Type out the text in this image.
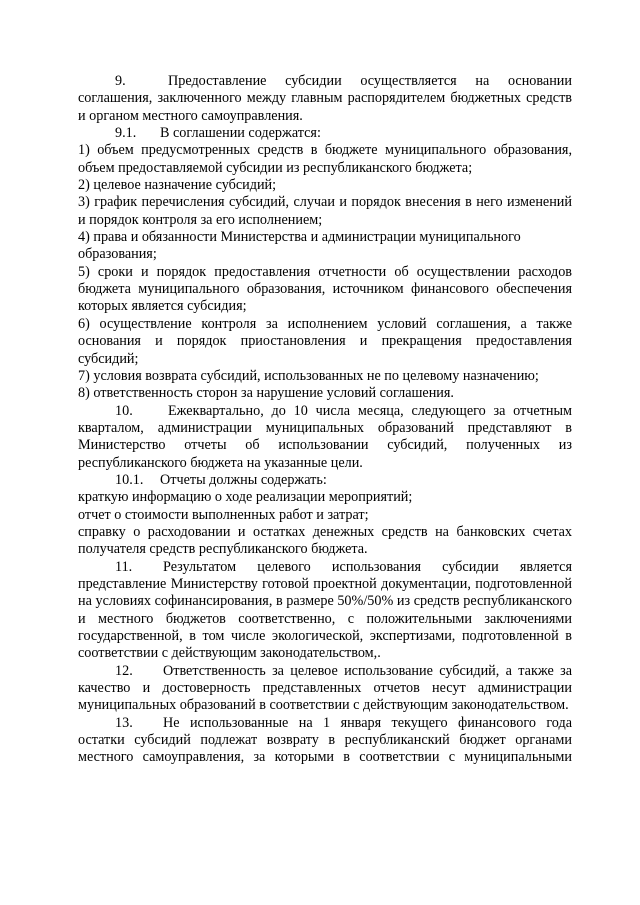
9.	Предоставление субсидии осуществляется на основании соглашения, заключенного между главным распорядителем бюджетных средств и органом местного самоуправления.

9.1. В соглашении содержатся:

1) объем предусмотренных средств в бюджете муниципального образования, объем предоставляемой субсидии из республиканского бюджета;

2) целевое назначение субсидий;

3) график перечисления субсидий, случаи и порядок внесения в него изменений и порядок контроля за его исполнением;

4) права и обязанности Министерства и администрации муниципального образования;

5) сроки и порядок предоставления отчетности об осуществлении расходов бюджета муниципального образования, источником финансового обеспечения которых является субсидия;

6) осуществление контроля за исполнением условий соглашения, а также основания и порядок приостановления и прекращения предоставления субсидий;

7) условия возврата субсидий, использованных не по целевому назначению;

8) ответственность сторон за нарушение условий соглашения.

10. Ежеквартально, до 10 числа месяца, следующего за отчетным кварталом, администрации муниципальных образований представляют в Министерство отчеты об использовании субсидий, полученных из республиканского бюджета на указанные цели.

10.1. Отчеты должны содержать:

краткую информацию о ходе реализации мероприятий;

отчет о стоимости выполненных работ и затрат;

справку о расходовании и остатках денежных средств на банковских счетах получателя средств республиканского бюджета.

11. Результатом целевого использования субсидии является представление Министерству готовой проектной документации, подготовленной на условиях софинансирования, в размере 50%/50% из средств республиканского и местного бюджетов соответственно, с положительными заключениями государственной, в том числе экологической, экспертизами, подготовленной в соответствии с действующим законодательством,.

12. Ответственность за целевое использование субсидий, а также за качество и достоверность представленных отчетов несут администрации муниципальных образований в соответствии с действующим законодательством.

13. Не использованные на 1 января текущего финансового года остатки субсидий подлежат возврату в республиканский бюджет органами местного самоуправления, за которыми в соответствии с муниципальными
